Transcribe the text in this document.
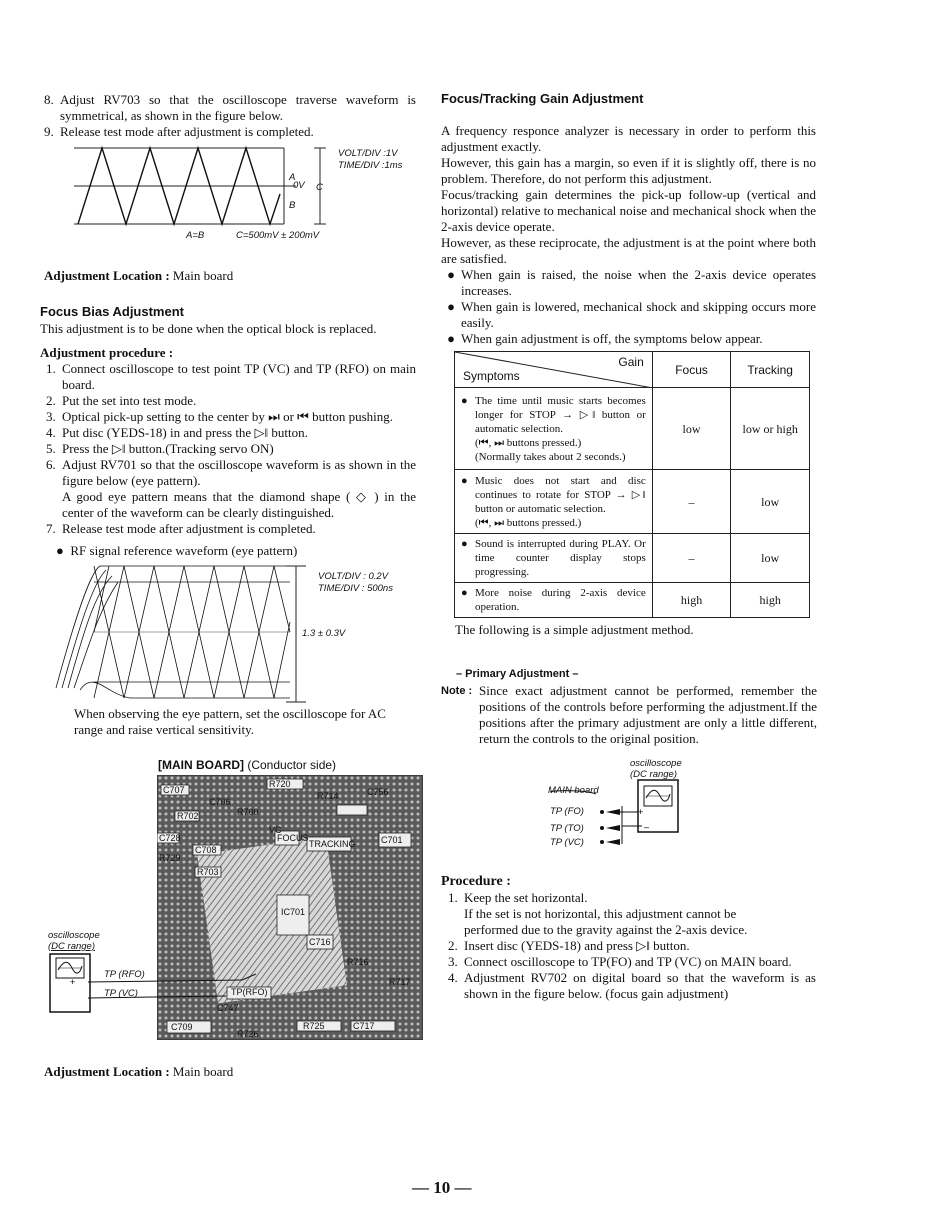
8. Adjust RV703 so that the oscilloscope traverse waveform is symmetrical, as shown in the figure below.
9. Release test mode after adjustment is completed.
VOLT/DIV :1V
TIME/DIV :1ms
A
0V C
B
A=B	C=500mV ± 200mV
Adjustment Location : Main board
Focus Bias Adjustment
This adjustment is to be done when the optical block is replaced.
Adjustment procedure :
1. Connect oscilloscope to test point TP (VC) and TP (RFO) on main board.
2. Put the set into test mode.
3. Optical pick-up setting to the center by ⏭ or ⏮ button pushing.
4. Put disc (YEDS-18) in and press the ▷ǁ button.
5. Press the ▷ǁ button.(Tracking servo ON)
6. Adjust RV701 so that the oscilloscope waveform is as shown in the figure below (eye pattern).
A good eye pattern means that the diamond shape ( ◇ ) in the center of the waveform can be clearly distinguished.
7. Release test mode after adjustment is completed.
● RF signal reference waveform (eye pattern)
VOLT/DIV : 0.2V
TIME/DIV : 500ns
1.3 ± 0.3V
When observing the eye pattern, set the oscilloscope for AC range and raise vertical sensitivity.
[MAIN BOARD] (Conductor side)
C707
R702
C706
R700
R720
R714	C756
C728
C708
R703
R729
FOCUS
TRACKING	C701
IC701
C716
R716
TP(RFO)
C747
C709
R726
R725	C717
VC
R717
oscilloscope
(DC range)
+
TP (RFO)
TP (VC)
Adjustment Location : Main board
Focus/Tracking Gain Adjustment
A frequency responce analyzer is necessary in order to perform this adjustment exactly.
However, this gain has a margin, so even if it is slightly off, there is no problem. Therefore, do not perform this adjustment.
Focus/tracking gain determines the pick-up follow-up (vertical and horizontal) relative to mechanical noise and mechanical shock when the 2-axis device operate.
However, as these reciprocate, the adjustment is at the point where both are satisfied.
● When gain is raised, the noise when the 2-axis device operates increases.
● When gain is lowered, mechanical shock and skipping occurs more easily.
● When gain adjustment is off, the symptoms below appear.
Gain
Symptoms	Focus	Tracking

● The time until music starts becomes longer for STOP → ▷ǁ button or automatic selection.
(⏮, ⏭ buttons pressed.)
(Normally takes about 2 seconds.)	low	low or high

● Music does not start and disc continues to rotate for STOP → ▷ǁ button or automatic selection.
(⏮, ⏭ buttons pressed.)	–	low

● Sound is interrupted during PLAY. Or time counter display stops progressing.	–	low

● More noise during 2-axis device operation.	high	high
The following is a simple adjustment method.
– Primary Adjustment –
Note : Since exact adjustment cannot be performed, remember the positions of the controls before performing the adjustment.If the positions after the primary adjustment are only a little different, return the controls to the original position.
oscilloscope
(DC range)
MAIN board
TP (FO)
TP (TO)
TP (VC)
+
–
Procedure :
1. Keep the set horizontal.
If the set is not horizontal, this adjustment cannot be performed due to the gravity against the 2-axis device.
2. Insert disc (YEDS-18) and press ▷ǁ button.
3. Connect oscilloscope to TP(FO) and TP (VC) on MAIN board.
4. Adjustment RV702 on digital board so that the waveform is as shown in the figure below. (focus gain adjustment)
— 10 —
